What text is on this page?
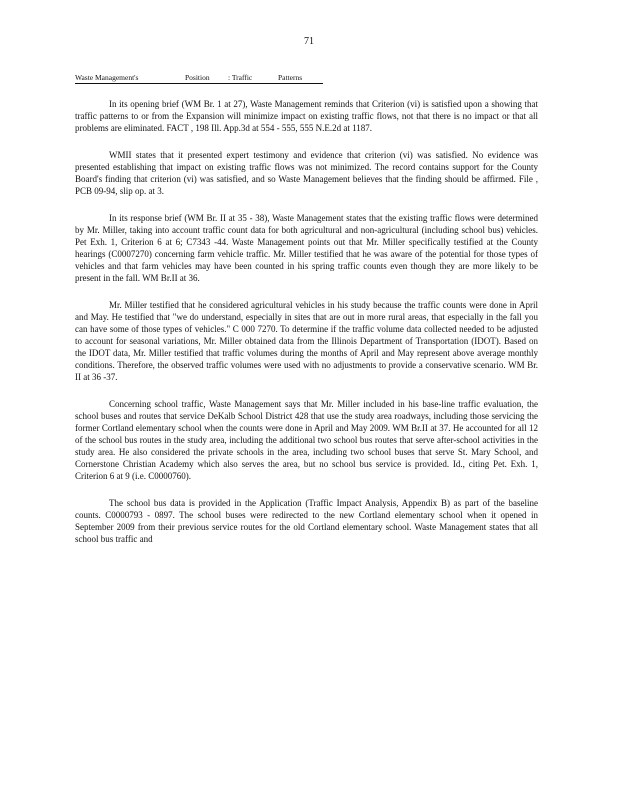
71
Waste Management's	Position : Traffic	Patterns

In its opening brief (WM Br. 1 at 27), Waste Management reminds that Criterion (vi) is satisfied upon a showing that traffic patterns to or from the Expansion will minimize impact on existing traffic flows, not that there is no impact or that all problems are eliminated. FACT , 198 Ill. App.3d at 554 - 555, 555 N.E.2d at 1187.

WMII states that it presented expert testimony and evidence that criterion (vi) was satisfied. No evidence was presented establishing that impact on existing traffic flows was not minimized. The record contains support for the County Board's finding that criterion (vi) was satisfied, and so Waste Management believes that the finding should be affirmed. File , PCB 09-94, slip op. at 3.

In its response brief (WM Br. II at 35 - 38), Waste Management states that the existing traffic flows were determined by Mr. Miller, taking into account traffic count data for both agricultural and non-agricultural (including school bus) vehicles. Pet Exh. 1, Criterion 6 at 6; C7343 -44. Waste Management points out that Mr. Miller specifically testified at the County hearings (C0007270) concerning farm vehicle traffic. Mr. Miller testified that he was aware of the potential for those types of vehicles and that farm vehicles may have been counted in his spring traffic counts even though they are more likely to be present in the fall. WM Br.II at 36.

Mr. Miller testified that he considered agricultural vehicles in his study because the traffic counts were done in April and May. He testified that "we do understand, especially in sites that are out in more rural areas, that especially in the fall you can have some of those types of vehicles." C 000 7270. To determine if the traffic volume data collected needed to be adjusted to account for seasonal variations, Mr. Miller obtained data from the Illinois Department of Transportation (IDOT). Based on the IDOT data, Mr. Miller testified that traffic volumes during the months of April and May represent above average monthly conditions. Therefore, the observed traffic volumes were used with no adjustments to provide a conservative scenario. WM Br. II at 36 -37.

Concerning school traffic, Waste Management says that Mr. Miller included in his base-line traffic evaluation, the school buses and routes that service DeKalb School District 428 that use the study area roadways, including those servicing the former Cortland elementary school when the counts were done in April and May 2009. WM Br.II at 37. He accounted for all 12 of the school bus routes in the study area, including the additional two school bus routes that serve after-school activities in the study area. He also considered the private schools in the area, including two school buses that serve St. Mary School, and Cornerstone Christian Academy which also serves the area, but no school bus service is provided. Id., citing Pet. Exh. 1, Criterion 6 at 9 (i.e. C0000760).

The school bus data is provided in the Application (Traffic Impact Analysis, Appendix B) as part of the baseline counts. C0000793 - 0897. The school buses were redirected to the new Cortland elementary school when it opened in September 2009 from their previous service routes for the old Cortland elementary school. Waste Management states that all school bus traffic and
